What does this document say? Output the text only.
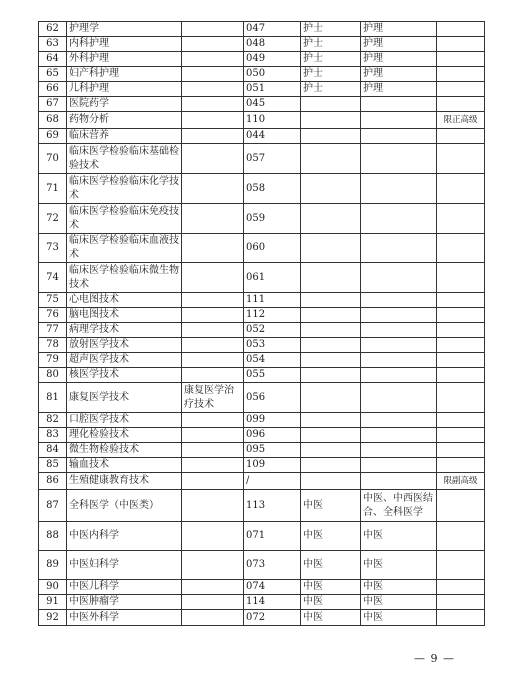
62	护理学		047	护士	护理	
63	内科护理		048	护士	护理	
64	外科护理		049	护士	护理	
65	妇产科护理		050	护士	护理	
66	儿科护理		051	护士	护理	
67	医院药学		045			
68	药物分析		110			限正高级
69	临床营养		044			
70	临床医学检验临床基础检验技术		057			
71	临床医学检验临床化学技术		058			
72	临床医学检验临床免疫技术		059			
73	临床医学检验临床血液技术		060			
74	临床医学检验临床微生物技术		061			
75	心电图技术		111			
76	脑电图技术		112			
77	病理学技术		052			
78	放射医学技术		053			
79	超声医学技术		054			
80	核医学技术		055			
81	康复医学技术	康复医学治疗技术	056			
82	口腔医学技术		099			
83	理化检验技术		096			
84	微生物检验技术		095			
85	输血技术		109			
86	生殖健康教育技术		/			限副高级
87	全科医学（中医类）		113	中医	中医、中西医结合、全科医学	
88	中医内科学		071	中医	中医	
89	中医妇科学		073	中医	中医	
90	中医儿科学		074	中医	中医	
91	中医肿瘤学		114	中医	中医	
92	中医外科学		072	中医	中医	
— 9 —
